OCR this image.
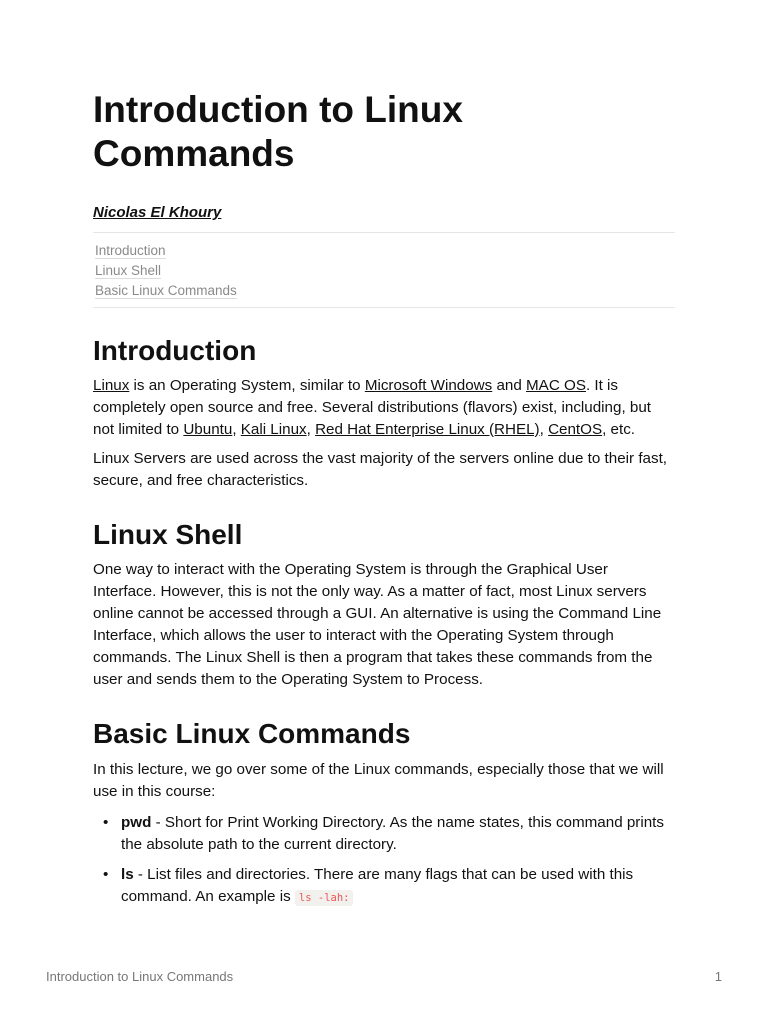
Introduction to Linux Commands
Nicolas El Khoury
Introduction
Linux Shell
Basic Linux Commands
Introduction

Linux is an Operating System, similar to Microsoft Windows and MAC OS. It is completely open source and free. Several distributions (flavors) exist, including, but not limited to Ubuntu, Kali Linux, Red Hat Enterprise Linux (RHEL), CentOS, etc.

Linux Servers are used across the vast majority of the servers online due to their fast, secure, and free characteristics.

Linux Shell

One way to interact with the Operating System is through the Graphical User Interface. However, this is not the only way. As a matter of fact, most Linux servers online cannot be accessed through a GUI. An alternative is using the Command Line Interface, which allows the user to interact with the Operating System through commands. The Linux Shell is then a program that takes these commands from the user and sends them to the Operating System to Process.

Basic Linux Commands

In this lecture, we go over some of the Linux commands, especially those that we will use in this course:

• pwd - Short for Print Working Directory. As the name states, this command prints the absolute path to the current directory.
• ls - List files and directories. There are many flags that can be used with this command. An example is ls -lah:
Introduction to Linux Commands	1
